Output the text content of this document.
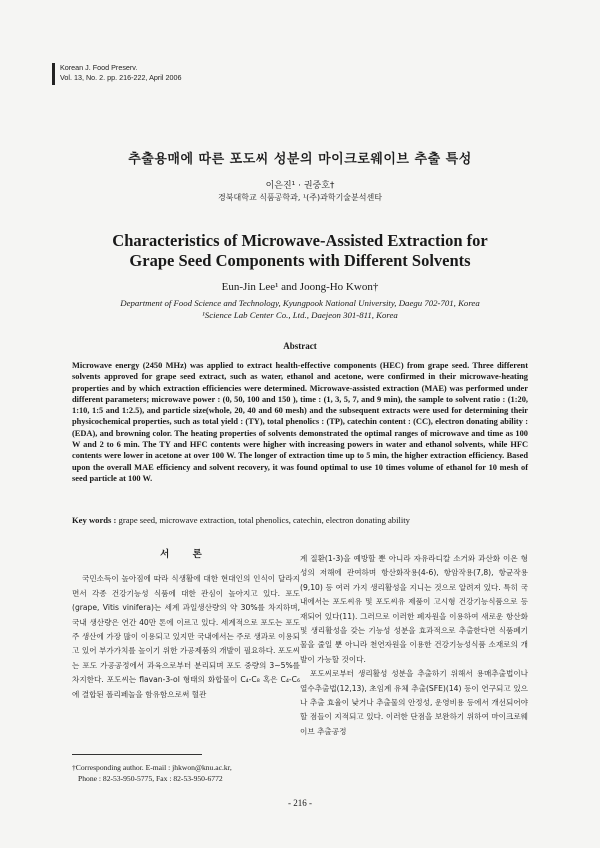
Korean J. Food Preserv.
Vol. 13, No. 2. pp. 216-222, April 2006
추출용매에 따른 포도씨 성분의 마이크로웨이브 추출 특성
이은진¹ · 권중호†
경북대학교 식품공학과, ¹(주)과학기술분석센타
Characteristics of Microwave-Assisted Extraction for
Grape Seed Components with Different Solvents
Eun-Jin Lee¹ and Joong-Ho Kwon†
Department of Food Science and Technology, Kyungpook National University, Daegu 702-701, Korea
¹Science Lab Center Co., Ltd., Daejeon 301-811, Korea
Abstract
Microwave energy (2450 MHz) was applied to extract health-effective components (HEC) from grape seed. Three different solvents approved for grape seed extract, such as water, ethanol and acetone, were confirmed in their microwave-heating properties and by which extraction efficiencies were determined. Microwave-assisted extraction (MAE) was performed under different parameters; microwave power : (0, 50, 100 and 150 ), time : (1, 3, 5, 7, and 9 min), the sample to solvent ratio : (1:20, 1:10, 1:5 and 1:2.5), and particle size(whole, 20, 40 and 60 mesh) and the subsequent extracts were used for determining their physicochemical properties, such as total yield : (TY), total phenolics : (TP), catechin content : (CC), electron donating ability : (EDA), and browning color. The heating properties of solvents demonstrated the optimal ranges of microwave and time as 100 W and 2 to 6 min. The TY and HFC contents were higher with increasing powers in water and ethanol solvents, while HFC contents were lower in acetone at over 100 W. The longer of extraction time up to 5 min, the higher extraction efficiency. Based upon the overall MAE efficiency and solvent recovery, it was found optimal to use 10 times volume of ethanol for 10 mesh of seed particle at 100 W.
Key words : grape seed, microwave extraction, total phenolics, catechin, electron donating ability
서 론

국민소득이 높아짐에 따라 식생활에 대한 현대인의 인식이 달라지면서 각종 건강기능성 식품에 대한 관심이 높아지고 있다. 포도(grape, Vitis vinifera)는 세계 과일생산량의 약 30%를 차지하며, 국내 생산량은 연간 40만 톤에 이르고 있다. 세계적으로 포도는 포도주 생산에 가장 많이 이용되고 있지만 국내에서는 주로 생과로 이용되고 있어 부가가치를 높이기 위한 가공제품의 개발이 필요하다. 포도씨는 포도 가공공정에서 과육으로부터 분리되며 포도 중량의 3~5%를 차지한다. 포도씨는 flavan-3-ol 형태의 화합물이 C₄-C₈ 혹은 C₄-C₆에 결합된 폴리페놀을 함유함으로써 혈관

계 질환(1-3)을 예방할 뿐 아니라 자유라디칼 소거와 과산화 이온 형성의 저해에 관여하며 항산화작용(4-6), 항암작용(7,8), 항균작용(9,10) 등 여러 가지 생리활성을 지니는 것으로 알려져 있다. 특히 국내에서는 포도씨유 및 포도씨유 제품이 고시형 건강기능식품으로 등재되어 있다(11). 그러므로 이러한 폐자원을 이용하여 새로운 항산화 및 생리활성을 갖는 기능성 성분을 효과적으로 추출한다면 식품폐기물을 줄일 뿐 아니라 천연자원을 이용한 건강기능성식품 소재로의 개발이 가능할 것이다.

포도씨로부터 생리활성 성분을 추출하기 위해서 용매추출법이나 열수추출법(12,13), 초임계 유체 추출(SFE)(14) 등이 연구되고 있으나 추출 효율이 낮거나 추출물의 안정성, 운영비용 등에서 개선되어야 할 점들이 지적되고 있다. 이러한 단점을 보완하기 위하여 마이크로웨이브 추출공정

†Corresponding author. E-mail : jhkwon@knu.ac.kr,
Phone : 82-53-950-5775, Fax : 82-53-950-6772
- 216 -
